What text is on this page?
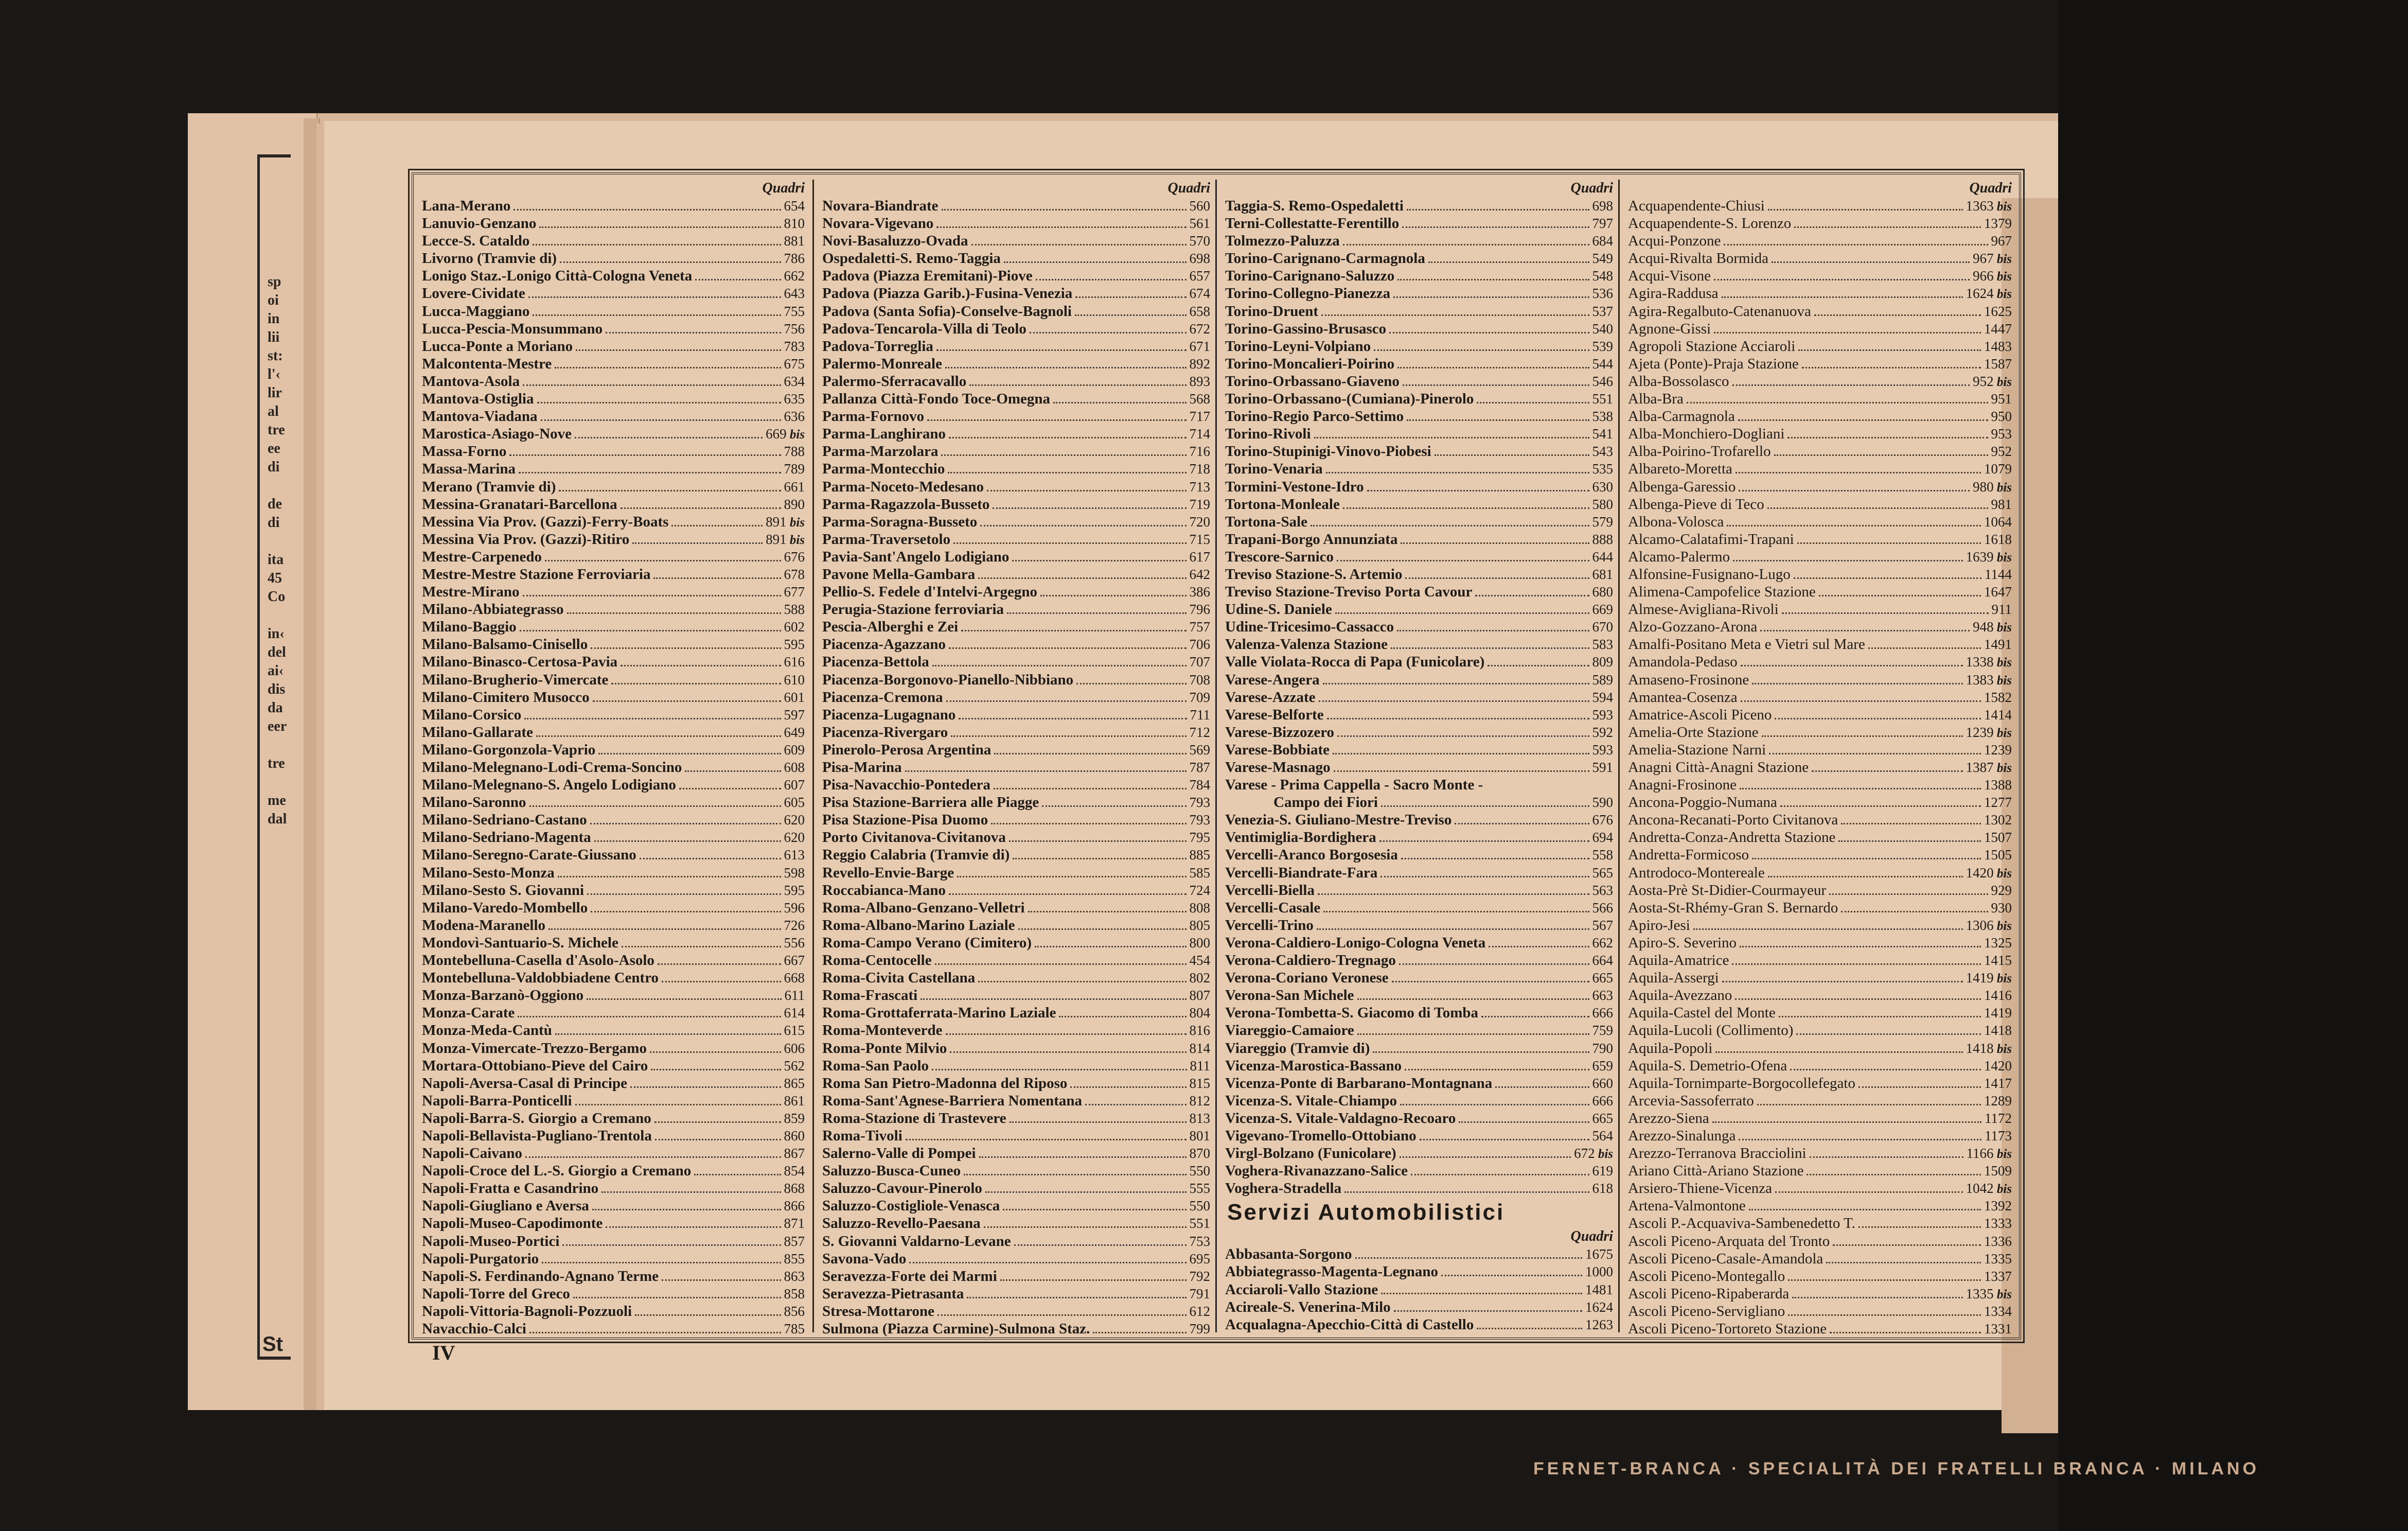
sp
oi
in
lii
st:
l'‹
lir
al
tre
ee
di
de
di
ita
45
Co
in‹
del
ai‹
dis
da
eer
tre
me
dal
St
FERNET-BRANCA · SPECIALITÀ DEI FRATELLI BRANCA · MILANO
Quadri
Lana-Merano	654
Lanuvio-Genzano	810
Lecce-S. Cataldo	881
Livorno (Tramvie di)	786
Lonigo Staz.-Lonigo Città-Cologna Veneta	662
Lovere-Cividate	643
Lucca-Maggiano	755
Lucca-Pescia-Monsummano	756
Lucca-Ponte a Moriano	783
Malcontenta-Mestre	675
Mantova-Asola	634
Mantova-Ostiglia	635
Mantova-Viadana	636
Marostica-Asiago-Nove	669 bis
Massa-Forno	788
Massa-Marina	789
Merano (Tramvie di)	661
Messina-Granatari-Barcellona	890
Messina Via Prov. (Gazzi)-Ferry-Boats	891 bis
Messina Via Prov. (Gazzi)-Ritiro	891 bis
Mestre-Carpenedo	676
Mestre-Mestre Stazione Ferroviaria	678
Mestre-Mirano	677
Milano-Abbiategrasso	588
Milano-Baggio	602
Milano-Balsamo-Cinisello	595
Milano-Binasco-Certosa-Pavia	616
Milano-Brugherio-Vimercate	610
Milano-Cimitero Musocco	601
Milano-Corsico	597
Milano-Gallarate	649
Milano-Gorgonzola-Vaprio	609
Milano-Melegnano-Lodi-Crema-Soncino	608
Milano-Melegnano-S. Angelo Lodigiano	607
Milano-Saronno	605
Milano-Sedriano-Castano	620
Milano-Sedriano-Magenta	620
Milano-Seregno-Carate-Giussano	613
Milano-Sesto-Monza	598
Milano-Sesto S. Giovanni	595
Milano-Varedo-Mombello	596
Modena-Maranello	726
Mondovì-Santuario-S. Michele	556
Montebelluna-Casella d'Asolo-Asolo	667
Montebelluna-Valdobbiadene Centro	668
Monza-Barzanò-Oggiono	611
Monza-Carate	614
Monza-Meda-Cantù	615
Monza-Vimercate-Trezzo-Bergamo	606
Mortara-Ottobiano-Pieve del Cairo	562
Napoli-Aversa-Casal di Principe	865
Napoli-Barra-Ponticelli	861
Napoli-Barra-S. Giorgio a Cremano	859
Napoli-Bellavista-Pugliano-Trentola	860
Napoli-Caivano	867
Napoli-Croce del L.-S. Giorgio a Cremano	854
Napoli-Fratta e Casandrino	868
Napoli-Giugliano e Aversa	866
Napoli-Museo-Capodimonte	871
Napoli-Museo-Portici	857
Napoli-Purgatorio	855
Napoli-S. Ferdinando-Agnano Terme	863
Napoli-Torre del Greco	858
Napoli-Vittoria-Bagnoli-Pozzuoli	856
Navacchio-Calci	785
Quadri
Novara-Biandrate	560
Novara-Vigevano	561
Novi-Basaluzzo-Ovada	570
Ospedaletti-S. Remo-Taggia	698
Padova (Piazza Eremitani)-Piove	657
Padova (Piazza Garib.)-Fusina-Venezia	674
Padova (Santa Sofia)-Conselve-Bagnoli	658
Padova-Tencarola-Villa di Teolo	672
Padova-Torreglia	671
Palermo-Monreale	892
Palermo-Sferracavallo	893
Pallanza Città-Fondo Toce-Omegna	568
Parma-Fornovo	717
Parma-Langhirano	714
Parma-Marzolara	716
Parma-Montecchio	718
Parma-Noceto-Medesano	713
Parma-Ragazzola-Busseto	719
Parma-Soragna-Busseto	720
Parma-Traversetolo	715
Pavia-Sant'Angelo Lodigiano	617
Pavone Mella-Gambara	642
Pellio-S. Fedele d'Intelvi-Argegno	386
Perugia-Stazione ferroviaria	796
Pescia-Alberghi e Zei	757
Piacenza-Agazzano	706
Piacenza-Bettola	707
Piacenza-Borgonovo-Pianello-Nibbiano	708
Piacenza-Cremona	709
Piacenza-Lugagnano	711
Piacenza-Rivergaro	712
Pinerolo-Perosa Argentina	569
Pisa-Marina	787
Pisa-Navacchio-Pontedera	784
Pisa Stazione-Barriera alle Piagge	793
Pisa Stazione-Pisa Duomo	793
Porto Civitanova-Civitanova	795
Reggio Calabria (Tramvie di)	885
Revello-Envie-Barge	585
Roccabianca-Mano	724
Roma-Albano-Genzano-Velletri	808
Roma-Albano-Marino Laziale	805
Roma-Campo Verano (Cimitero)	800
Roma-Centocelle	454
Roma-Civita Castellana	802
Roma-Frascati	807
Roma-Grottaferrata-Marino Laziale	804
Roma-Monteverde	816
Roma-Ponte Milvio	814
Roma-San Paolo	811
Roma San Pietro-Madonna del Riposo	815
Roma-Sant'Agnese-Barriera Nomentana	812
Roma-Stazione di Trastevere	813
Roma-Tivoli	801
Salerno-Valle di Pompei	870
Saluzzo-Busca-Cuneo	550
Saluzzo-Cavour-Pinerolo	555
Saluzzo-Costigliole-Venasca	550
Saluzzo-Revello-Paesana	551
S. Giovanni Valdarno-Levane	753
Savona-Vado	695
Seravezza-Forte dei Marmi	792
Seravezza-Pietrasanta	791
Stresa-Mottarone	612
Sulmona (Piazza Carmine)-Sulmona Staz.	799
Quadri
Taggia-S. Remo-Ospedaletti	698
Terni-Collestatte-Ferentillo	797
Tolmezzo-Paluzza	684
Torino-Carignano-Carmagnola	549
Torino-Carignano-Saluzzo	548
Torino-Collegno-Pianezza	536
Torino-Druent	537
Torino-Gassino-Brusasco	540
Torino-Leyni-Volpiano	539
Torino-Moncalieri-Poirino	544
Torino-Orbassano-Giaveno	546
Torino-Orbassano-(Cumiana)-Pinerolo	551
Torino-Regio Parco-Settimo	538
Torino-Rivoli	541
Torino-Stupinigi-Vinovo-Piobesi	543
Torino-Venaria	535
Tormini-Vestone-Idro	630
Tortona-Monleale	580
Tortona-Sale	579
Trapani-Borgo Annunziata	888
Trescore-Sarnico	644
Treviso Stazione-S. Artemio	681
Treviso Stazione-Treviso Porta Cavour	680
Udine-S. Daniele	669
Udine-Tricesimo-Cassacco	670
Valenza-Valenza Stazione	583
Valle Violata-Rocca di Papa (Funicolare)	809
Varese-Angera	589
Varese-Azzate	594
Varese-Belforte	593
Varese-Bizzozero	592
Varese-Bobbiate	593
Varese-Masnago	591
Varese - Prima Cappella - Sacro Monte -
Campo dei Fiori	590
Venezia-S. Giuliano-Mestre-Treviso	676
Ventimiglia-Bordighera	694
Vercelli-Aranco Borgosesia	558
Vercelli-Biandrate-Fara	565
Vercelli-Biella	563
Vercelli-Casale	566
Vercelli-Trino	567
Verona-Caldiero-Lonigo-Cologna Veneta	662
Verona-Caldiero-Tregnago	664
Verona-Coriano Veronese	665
Verona-San Michele	663
Verona-Tombetta-S. Giacomo di Tomba	666
Viareggio-Camaiore	759
Viareggio (Tramvie di)	790
Vicenza-Marostica-Bassano	659
Vicenza-Ponte di Barbarano-Montagnana	660
Vicenza-S. Vitale-Chiampo	666
Vicenza-S. Vitale-Valdagno-Recoaro	665
Vigevano-Tromello-Ottobiano	564
Virgl-Bolzano (Funicolare)	672 bis
Voghera-Rivanazzano-Salice	619
Voghera-Stradella	618
Servizi Automobilistici
Quadri
Abbasanta-Sorgono	1675
Abbiategrasso-Magenta-Legnano	1000
Acciaroli-Vallo Stazione	1481
Acireale-S. Venerina-Milo	1624
Acqualagna-Apecchio-Città di Castello	1263
Quadri
Acquapendente-Chiusi	1363 bis
Acquapendente-S. Lorenzo	1379
Acqui-Ponzone	967
Acqui-Rivalta Bormida	967 bis
Acqui-Visone	966 bis
Agira-Raddusa	1624 bis
Agira-Regalbuto-Catenanuova	1625
Agnone-Gissi	1447
Agropoli Stazione Acciaroli	1483
Ajeta (Ponte)-Praja Stazione	1587
Alba-Bossolasco	952 bis
Alba-Bra	951
Alba-Carmagnola	950
Alba-Monchiero-Dogliani	953
Alba-Poirino-Trofarello	952
Albareto-Moretta	1079
Albenga-Garessio	980 bis
Albenga-Pieve di Teco	981
Albona-Volosca	1064
Alcamo-Calatafimi-Trapani	1618
Alcamo-Palermo	1639 bis
Alfonsine-Fusignano-Lugo	1144
Alimena-Campofelice Stazione	1647
Almese-Avigliana-Rivoli	911
Alzo-Gozzano-Arona	948 bis
Amalfi-Positano Meta e Vietri sul Mare	1491
Amandola-Pedaso	1338 bis
Amaseno-Frosinone	1383 bis
Amantea-Cosenza	1582
Amatrice-Ascoli Piceno	1414
Amelia-Orte Stazione	1239 bis
Amelia-Stazione Narni	1239
Anagni Città-Anagni Stazione	1387 bis
Anagni-Frosinone	1388
Ancona-Poggio-Numana	1277
Ancona-Recanati-Porto Civitanova	1302
Andretta-Conza-Andretta Stazione	1507
Andretta-Formicoso	1505
Antrodoco-Montereale	1420 bis
Aosta-Prè St-Didier-Courmayeur	929
Aosta-St-Rhémy-Gran S. Bernardo	930
Apiro-Jesi	1306 bis
Apiro-S. Severino	1325
Aquila-Amatrice	1415
Aquila-Assergi	1419 bis
Aquila-Avezzano	1416
Aquila-Castel del Monte	1419
Aquila-Lucoli (Collimento)	1418
Aquila-Popoli	1418 bis
Aquila-S. Demetrio-Ofena	1420
Aquila-Tornimparte-Borgocollefegato	1417
Arcevia-Sassoferrato	1289
Arezzo-Siena	1172
Arezzo-Sinalunga	1173
Arezzo-Terranova Bracciolini	1166 bis
Ariano Città-Ariano Stazione	1509
Arsiero-Thiene-Vicenza	1042 bis
Artena-Valmontone	1392
Ascoli P.-Acquaviva-Sambenedetto T.	1333
Ascoli Piceno-Arquata del Tronto	1336
Ascoli Piceno-Casale-Amandola	1335
Ascoli Piceno-Montegallo	1337
Ascoli Piceno-Ripaberarda	1335 bis
Ascoli Piceno-Servigliano	1334
Ascoli Piceno-Tortoreto Stazione	1331
IV
